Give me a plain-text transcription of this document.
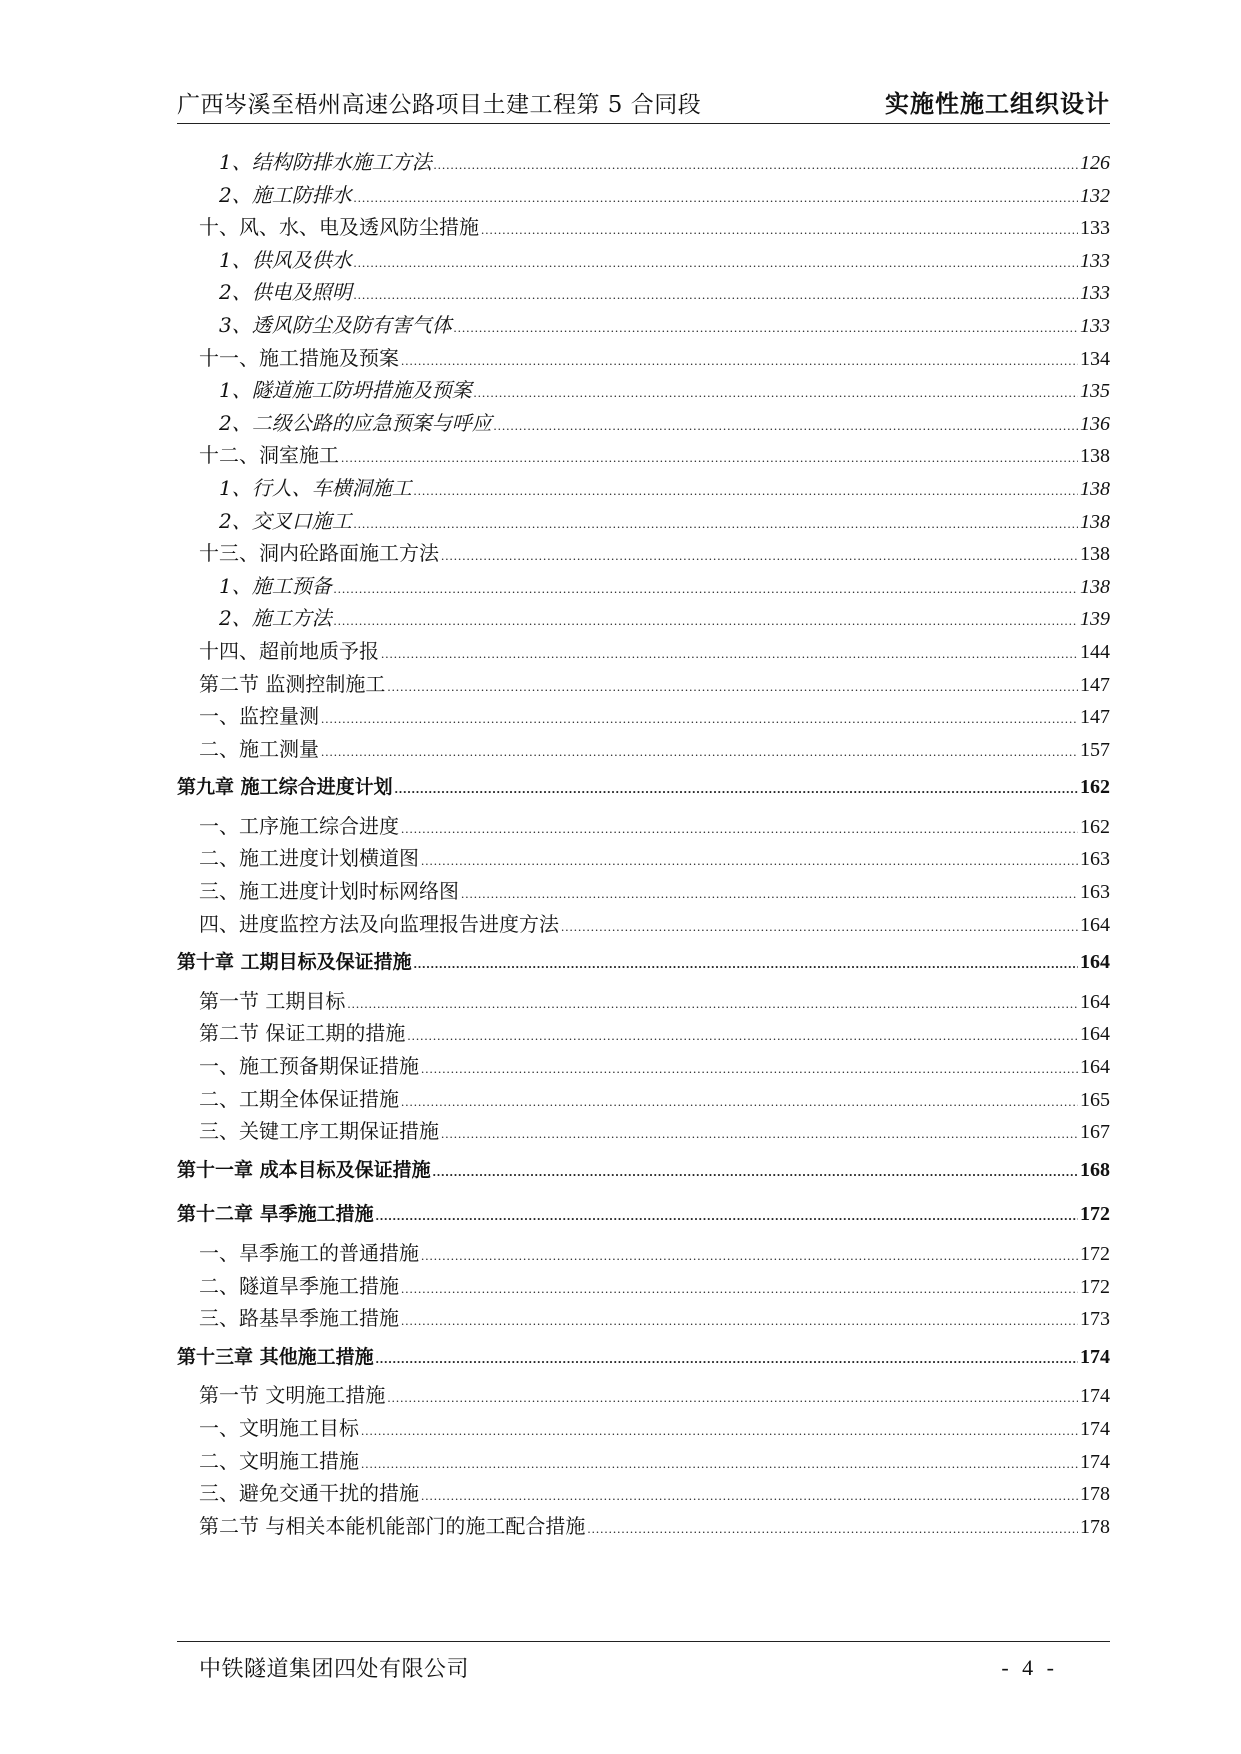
广西岑溪至梧州高速公路项目土建工程第 5 合同段	实施性施工组织设计
1、结构防排水施工方法 .....	126
2、施工防排水 .....	132
十、风、水、电及透风防尘措施 .....	133
1、供风及供水 .....	133
2、供电及照明 .....	133
3、透风防尘及防有害气体 .....	133
十一、施工措施及预案 .....	134
1、隧道施工防坍措施及预案 .....	135
2、二级公路的应急预案与呼应 .....	136
十二、洞室施工 .....	138
1、行人、车横洞施工 .....	138
2、交叉口施工 .....	138
十三、洞内砼路面施工方法 .....	138
1、施工预备 .....	138
2、施工方法 .....	139
十四、超前地质予报 .....	144
第二节 监测控制施工 .....	147
一、监控量测 .....	147
二、施工测量 .....	157
第九章 施工综合进度计划 .....	162
一、工序施工综合进度 .....	162
二、施工进度计划横道图 .....	163
三、施工进度计划时标网络图 .....	163
四、进度监控方法及向监理报告进度方法 .....	164
第十章 工期目标及保证措施 .....	164
第一节 工期目标 .....	164
第二节 保证工期的措施 .....	164
一、施工预备期保证措施 .....	164
二、工期全体保证措施 .....	165
三、关键工序工期保证措施 .....	167
第十一章 成本目标及保证措施 .....	168
第十二章 旱季施工措施 .....	172
一、旱季施工的普通措施 .....	172
二、隧道旱季施工措施 .....	172
三、路基旱季施工措施 .....	173
第十三章 其他施工措施 .....	174
第一节 文明施工措施 .....	174
一、文明施工目标 .....	174
二、文明施工措施 .....	174
三、避免交通干扰的措施 .....	178
第二节 与相关本能机能部门的施工配合措施 .....	178
中铁隧道集团四处有限公司	- 4 -
